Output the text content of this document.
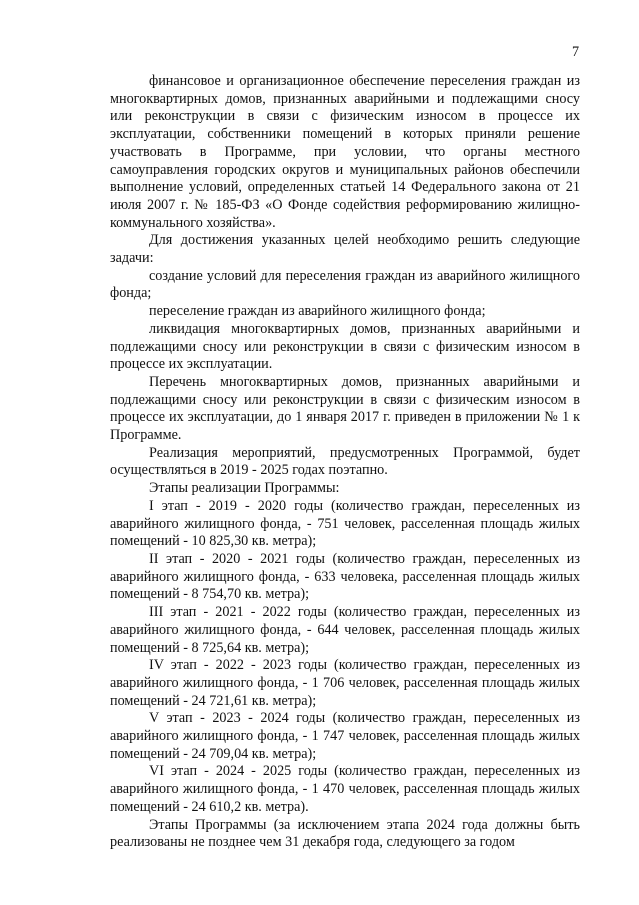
7

финансовое и организационное обеспечение переселения граждан из многоквартирных домов, признанных аварийными и подлежащими сносу или реконструкции в связи с физическим износом в процессе их эксплуатации, собственники помещений в которых приняли решение участвовать в Программе, при условии, что органы местного самоуправления городских округов и муниципальных районов обеспечили выполнение условий, определенных статьей 14 Федерального закона от 21 июля 2007 г. № 185-ФЗ «О Фонде содействия реформированию жилищно-коммунального хозяйства».

Для достижения указанных целей необходимо решить следующие задачи:

создание условий для переселения граждан из аварийного жилищного фонда;

переселение граждан из аварийного жилищного фонда;

ликвидация многоквартирных домов, признанных аварийными и подлежащими сносу или реконструкции в связи с физическим износом в процессе их эксплуатации.

Перечень многоквартирных домов, признанных аварийными и подлежащими сносу или реконструкции в связи с физическим износом в процессе их эксплуатации, до 1 января 2017 г. приведен в приложении № 1 к Программе.

Реализация мероприятий, предусмотренных Программой, будет осуществляться в 2019 - 2025 годах поэтапно.

Этапы реализации Программы:

I этап - 2019 - 2020 годы (количество граждан, переселенных из аварийного жилищного фонда, - 751 человек, расселенная площадь жилых помещений - 10 825,30 кв. метра);

II этап - 2020 - 2021 годы (количество граждан, переселенных из аварийного жилищного фонда, - 633 человека, расселенная площадь жилых помещений - 8 754,70 кв. метра);

III этап - 2021 - 2022 годы (количество граждан, переселенных из аварийного жилищного фонда, - 644 человек, расселенная площадь жилых помещений - 8 725,64 кв. метра);

IV этап - 2022 - 2023 годы (количество граждан, переселенных из аварийного жилищного фонда, - 1 706 человек, расселенная площадь жилых помещений - 24 721,61 кв. метра);

V этап - 2023 - 2024 годы (количество граждан, переселенных из аварийного жилищного фонда, - 1 747 человек, расселенная площадь жилых помещений - 24 709,04 кв. метра);

VI этап - 2024 - 2025 годы (количество граждан, переселенных из аварийного жилищного фонда, - 1 470 человек, расселенная площадь жилых помещений - 24 610,2 кв. метра).

Этапы Программы (за исключением этапа 2024 года должны быть реализованы не позднее чем 31 декабря года, следующего за годом
